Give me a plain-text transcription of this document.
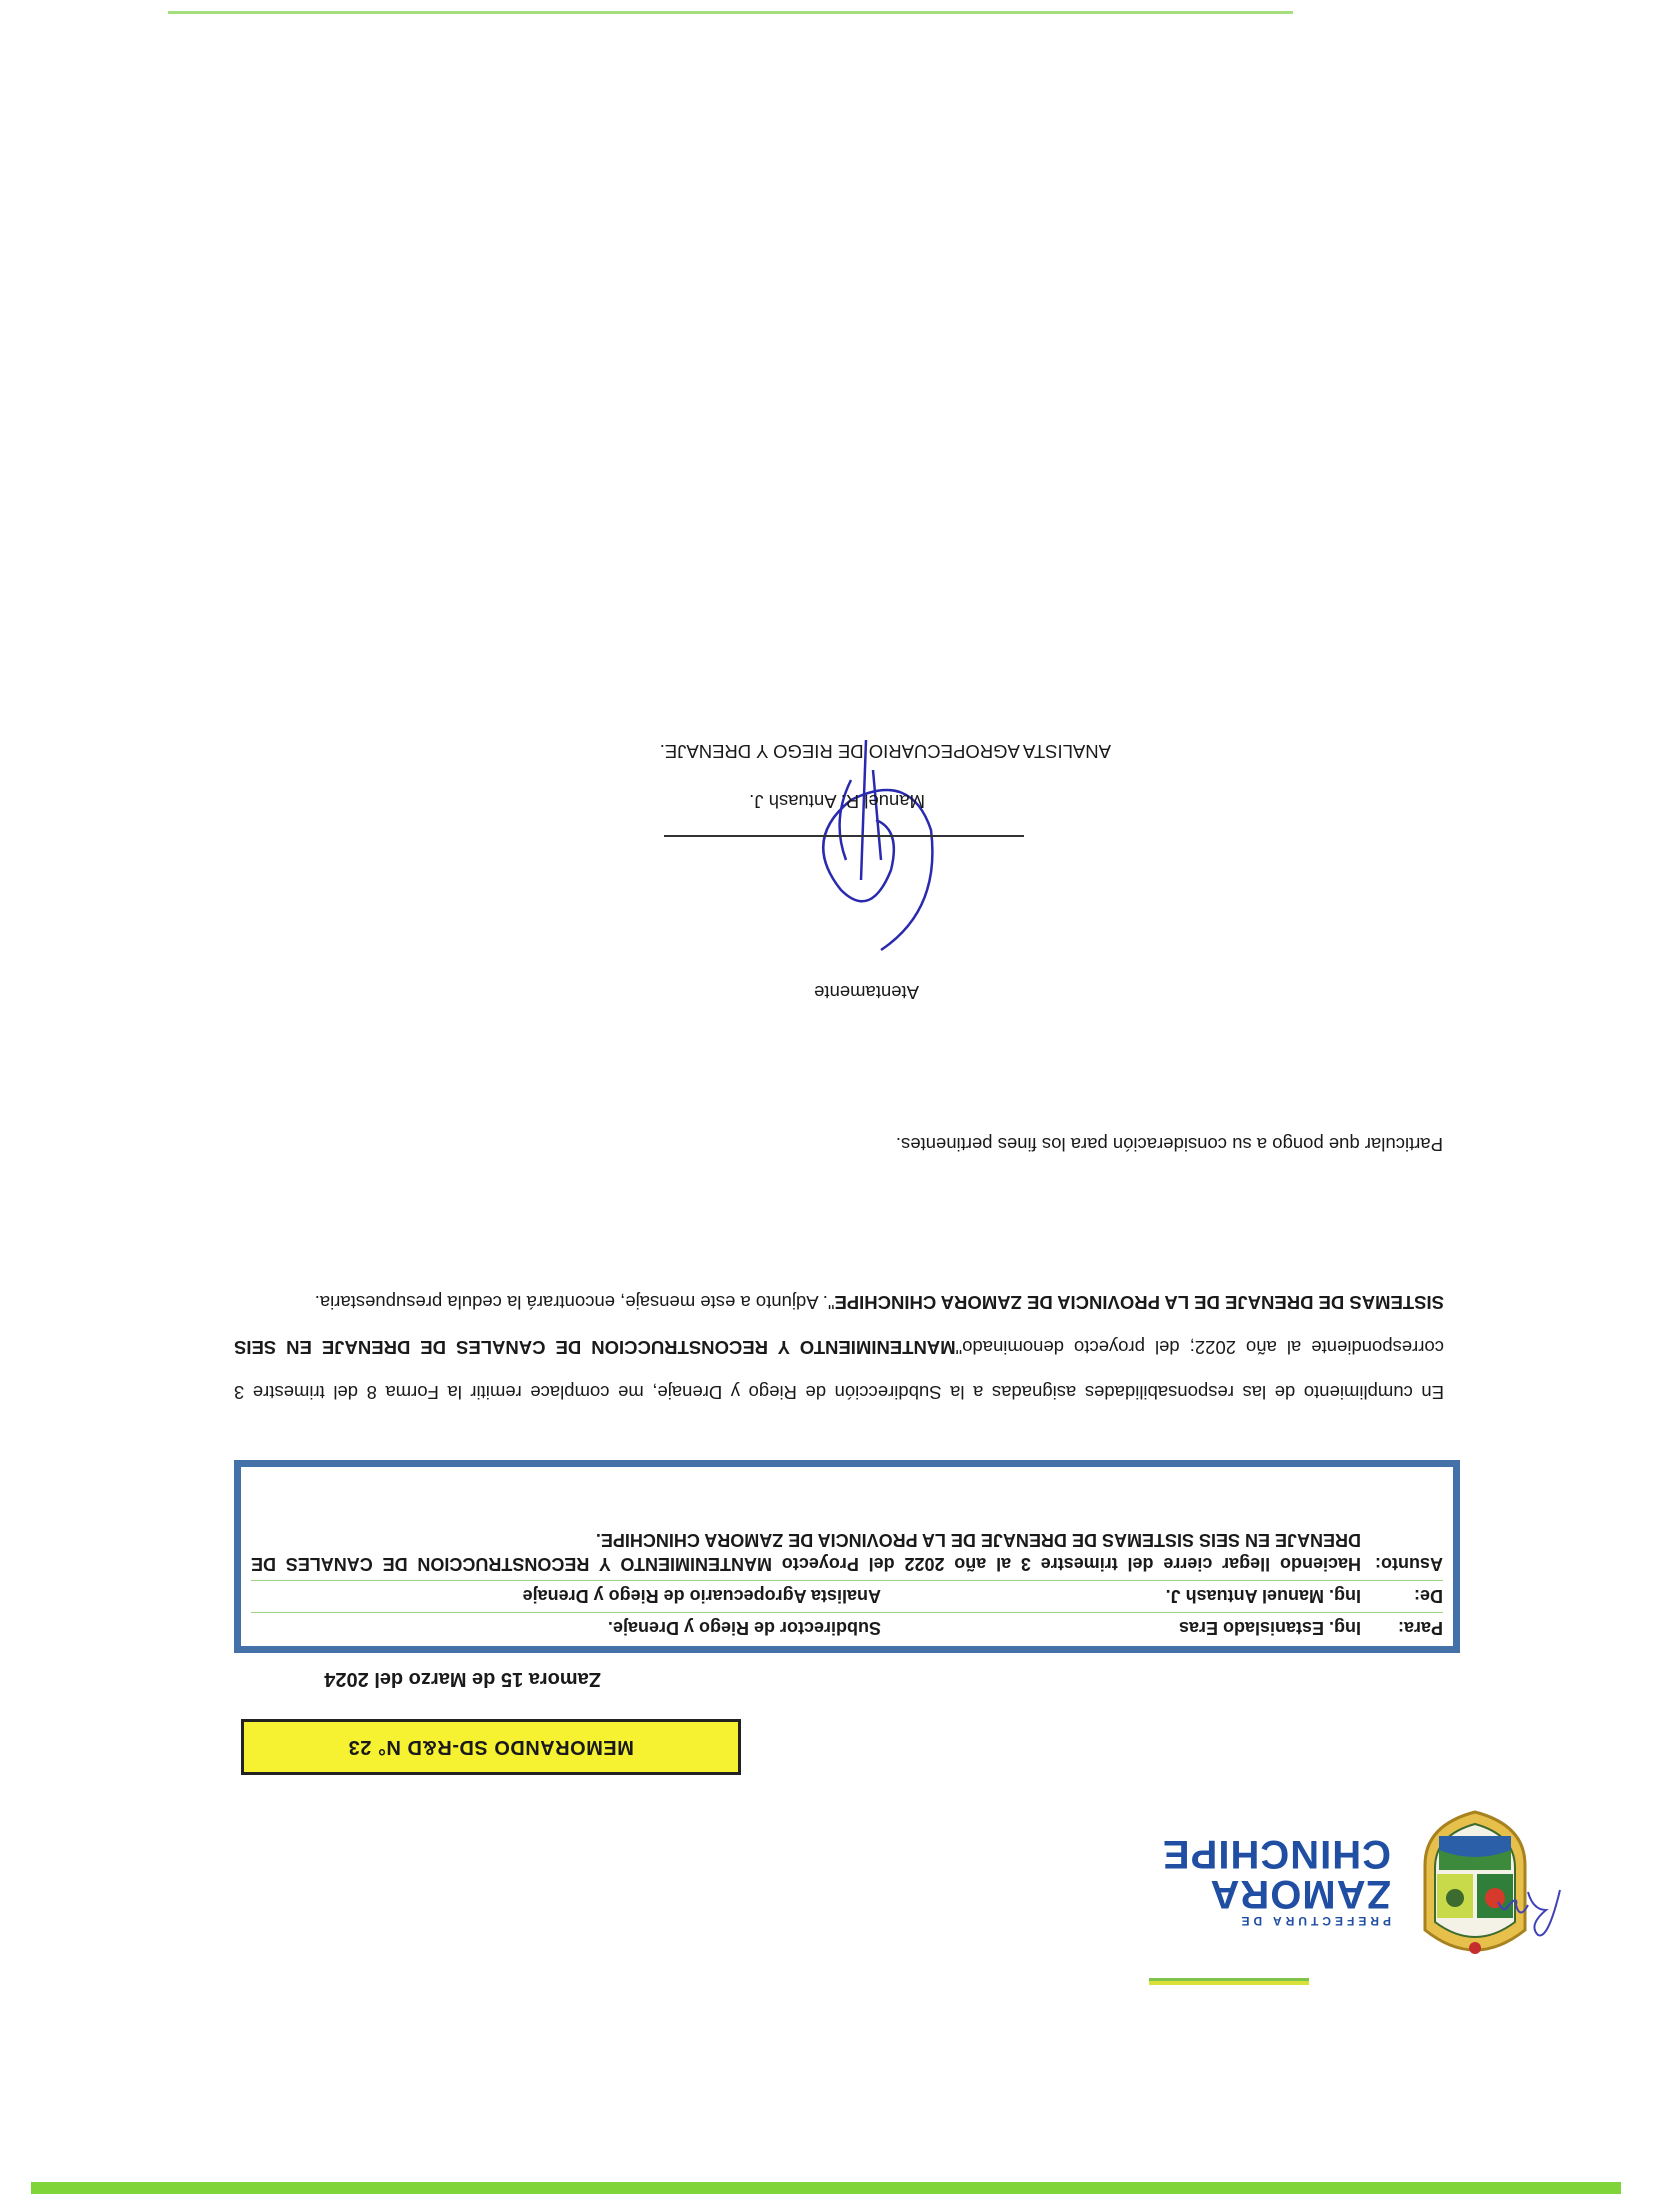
PREFECTURA DE
ZAMORA
CHINCHIPE
MEMORANDO SD-R&D N° 23
Zamora 15 de Marzo del 2024
Para:
Ing. Estanislado Eras
Subdirector de Riego y Drenaje.
De:
Ing. Manuel Antuash J.
Analista Agropecuario de Riego y Drenaje
Asunto:
Haciendo llegar cierre del trimestre 3 al año 2022 del Proyecto MANTENIMIENTO Y RECONSTRUCCION DE CANALES DE DRENAJE EN SEIS SISTEMAS DE DRENAJE DE LA PROVINCIA DE ZAMORA CHINCHIPE.
En cumplimiento de las responsabilidades asignadas a la Subdirección de Riego y Drenaje, me complace remitir la Forma 8 del trimestre 3 correspondiente al año 2022; del proyecto denominado"MANTENIMIENTO Y RECONSTRUCCION DE CANALES DE DRENAJE EN SEIS SISTEMAS DE DRENAJE DE LA PROVINCIA DE ZAMORA CHINCHIPE". Adjunto a este mensaje, encontrará la cedula presupuestaria.
Particular que pongo a su consideración para los fines pertinentes.
Atentamente
Manuel R. Antuash J.
ANALISTA AGROPECUARIO DE RIEGO Y DRENAJE.
